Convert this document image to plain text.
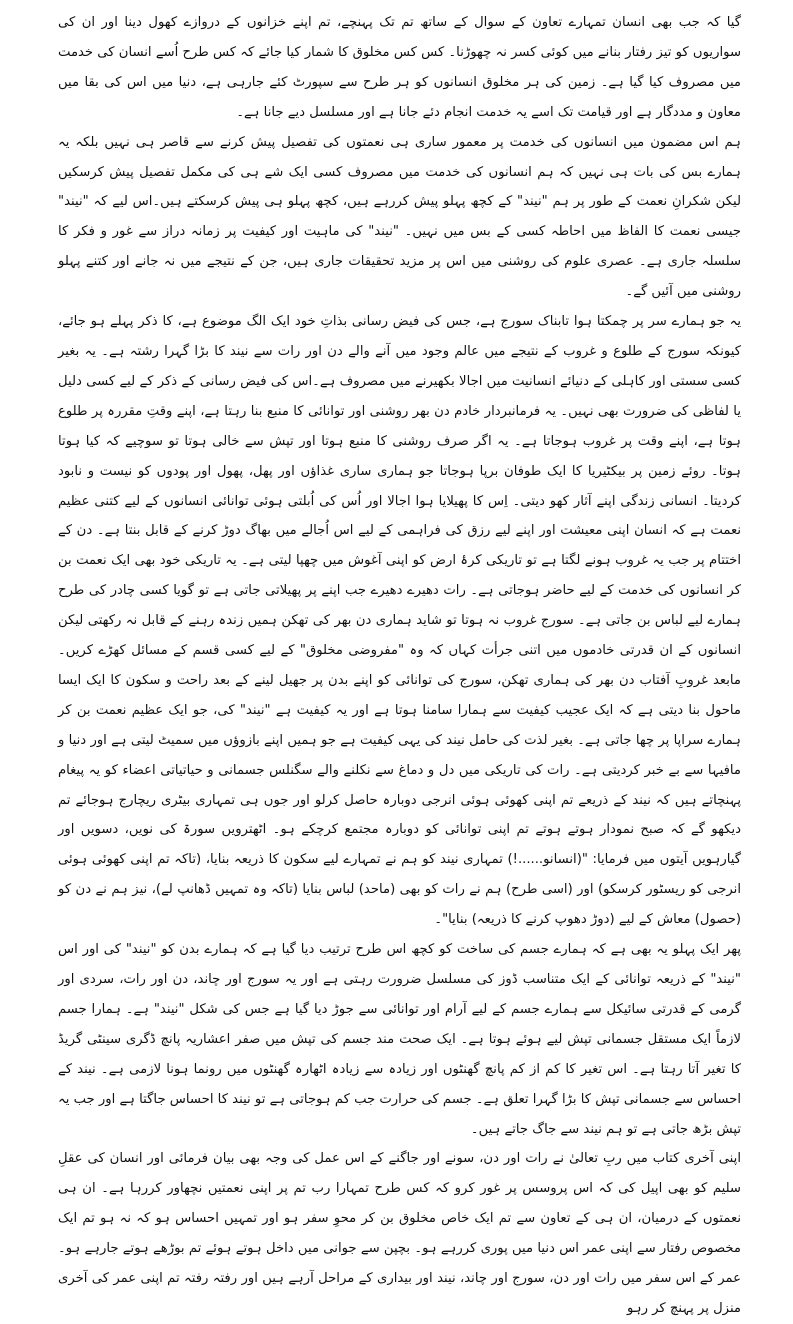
گیا کہ جب بھی انسان تمہارے تعاون کے سوال کے ساتھ تم تک پہنچے، تم اپنے خزانوں کے دروازے کھول دینا اور ان کی سواریوں کو تیز رفتار بنانے میں کوئی کسر نہ چھوڑنا۔ کس کس مخلوق کا شمار کیا جائے کہ کس طرح اُسے انسان کی خدمت میں مصروف کیا گیا ہے۔ زمین کی ہر مخلوق انسانوں کو ہر طرح سے سپورٹ کئے جارہی ہے، دنیا میں اس کی بقا میں معاون و مددگار ہے اور قیامت تک اسے یہ خدمت انجام دئے جانا ہے اور مسلسل دیے جانا ہے۔

ہم اس مضمون میں انسانوں کی خدمت پر معمور ساری ہی نعمتوں کی تفصیل پیش کرنے سے قاصر ہی نہیں بلکہ یہ ہمارے بس کی بات ہی نہیں کہ ہم انسانوں کی خدمت میں مصروف کسی ایک شے ہی کی مکمل تفصیل پیش کرسکیں لیکن شکرانِ نعمت کے طور پر ہم "نیند" کے کچھ پہلو پیش کررہے ہیں، کچھ پہلو ہی پیش کرسکتے ہیں۔اس لیے کہ "نیند" جیسی نعمت کا الفاظ میں احاطہ کسی کے بس میں نہیں۔ "نیند" کی ماہیت اور کیفیت پر زمانہ دراز سے غور و فکر کا سلسلہ جاری ہے۔ عصری علوم کی روشنی میں اس پر مزید تحقیقات جاری ہیں، جن کے نتیجے میں نہ جانے اور کتنے پہلو روشنی میں آئیں گے۔

یہ جو ہمارے سر پر چمکتا ہوا تابناک سورج ہے، جس کی فیض رسانی بذاتِ خود ایک الگ موضوع ہے، کا ذکر پہلے ہو جائے، کیونکہ سورج کے طلوع و غروب کے نتیجے میں عالم وجود میں آنے والے دن اور رات سے نیند کا بڑا گہرا رشتہ ہے۔ یہ بغیر کسی سستی اور کاہلی کے دنیائے انسانیت میں اجالا بکھیرنے میں مصروف ہے۔اس کی فیض رسانی کے ذکر کے لیے کسی دلیل یا لفاظی کی ضرورت بھی نہیں۔ یہ فرمانبردار خادم دن بھر روشنی اور توانائی کا منبع بنا رہتا ہے، اپنے وقتِ مقررہ پر طلوع ہوتا ہے، اپنے وقت پر غروب ہوجاتا ہے۔ یہ اگر صرف روشنی کا منبع ہوتا اور تپش سے خالی ہوتا تو سوچیے کہ کیا ہوتا ہوتا۔ روئے زمین پر بیکٹیریا کا ایک طوفان برپا ہوجاتا جو ہماری ساری غذاؤں اور پھل، پھول اور پودوں کو نیست و نابود کردیتا۔ انسانی زندگی اپنے آثار کھو دیتی۔ اِس کا پھیلایا ہوا اجالا اور اُس کی اُبلتی ہوئی توانائی انسانوں کے لیے کتنی عظیم نعمت ہے کہ انسان اپنی معیشت اور اپنے لیے رزق کی فراہمی کے لیے اس اُجالے میں بھاگ دوڑ کرنے کے قابل بنتا ہے۔ دن کے اختتام پر جب یہ غروب ہونے لگتا ہے تو تاریکی کرۂ ارض کو اپنی آغوش میں چھپا لیتی ہے۔ یہ تاریکی خود بھی ایک نعمت بن کر انسانوں کی خدمت کے لیے حاضر ہوجاتی ہے۔ رات دھیرے دھیرے جب اپنے پر پھیلاتی جاتی ہے تو گویا کسی چادر کی طرح ہمارے لیے لباس بن جاتی ہے۔ سورج غروب نہ ہوتا تو شاید ہماری دن بھر کی تھکن ہمیں زندہ رہنے کے قابل نہ رکھتی لیکن انسانوں کے ان قدرتی خادموں میں اتنی جرأت کہاں کہ وہ "مفروضی مخلوق" کے لیے کسی قسم کے مسائل کھڑے کریں۔ مابعد غروبِ آفتاب دن بھر کی ہماری تھکن، سورج کی توانائی کو اپنے بدن پر جھیل لینے کے بعد راحت و سکون کا ایک ایسا ماحول بنا دیتی ہے کہ ایک عجیب کیفیت سے ہمارا سامنا ہوتا ہے اور یہ کیفیت ہے "نیند" کی، جو ایک عظیم نعمت بن کر ہمارے سراپا پر چھا جاتی ہے۔ بغیر لذت کی حامل نیند کی یہی کیفیت ہے جو ہمیں اپنے بازوؤں میں سمیٹ لیتی ہے اور دنیا و مافیہا سے بے خبر کردیتی ہے۔ رات کی تاریکی میں دل و دماغ سے نکلنے والے سگنلس جسمانی و حیاتیاتی اعضاء کو یہ پیغام پہنچاتے ہیں کہ نیند کے ذریعے تم اپنی کھوئی ہوئی انرجی دوبارہ حاصل کرلو اور جوں ہی تمہاری بیٹری ریچارج ہوجائے تم دیکھو گے کہ صبح نمودار ہوتے ہوتے تم اپنی توانائی کو دوبارہ مجتمع کرچکے ہو۔ اٹھترویں سورۃ کی نویں، دسویں اور گیارہویں آیتوں میں فرمایا: "(انسانو......!) تمہاری نیند کو ہم نے تمہارے لیے سکون کا ذریعہ بنایا، (تاکہ تم اپنی کھوئی ہوئی انرجی کو ریسٹور کرسکو) اور (اسی طرح) ہم نے رات کو بھی (ماحد) لباس بنایا (تاکہ وہ تمہیں ڈھانپ لے)، نیز ہم نے دن کو (حصول) معاش کے لیے (دوڑ دھوپ کرنے کا ذریعہ) بنایا"۔

پھر ایک پہلو یہ بھی ہے کہ ہمارے جسم کی ساخت کو کچھ اس طرح ترتیب دیا گیا ہے کہ ہمارے بدن کو "نیند" کی اور اس "نیند" کے ذریعہ توانائی کے ایک متناسب ڈوز کی مسلسل ضرورت رہتی ہے اور یہ سورج اور چاند، دن اور رات، سردی اور گرمی کے قدرتی سائیکل سے ہمارے جسم کے لیے آرام اور توانائی سے جوڑ دیا گیا ہے جس کی شکل "نیند" ہے۔ ہمارا جسم لازماً ایک مستقل جسمانی تپش لیے ہوئے ہوتا ہے۔ ایک صحت مند جسم کی تپش میں صفر اعشاریہ پانچ ڈگری سینٹی گریڈ کا تغیر آتا رہتا ہے۔ اس تغیر کا کم از کم پانچ گھنٹوں اور زیادہ سے زیادہ اٹھارہ گھنٹوں میں رونما ہونا لازمی ہے۔ نیند کے احساس سے جسمانی تپش کا بڑا گہرا تعلق ہے۔ جسم کی حرارت جب کم ہوجاتی ہے تو نیند کا احساس جاگتا ہے اور جب یہ تپش بڑھ جاتی ہے تو ہم نیند سے جاگ جاتے ہیں۔

اپنی آخری کتاب میں ربِ تعالیٰ نے رات اور دن، سونے اور جاگنے کے اس عمل کی وجہ بھی بیان فرمائی اور انسان کی عقلِ سلیم کو بھی اپیل کی کہ اس پروسس پر غور کرو کہ کس طرح تمہارا رب تم پر اپنی نعمتیں نچھاور کررہا ہے۔ ان ہی نعمتوں کے درمیان، ان ہی کے تعاون سے تم ایک خاص مخلوق بن کر محوِ سفر ہو اور تمہیں احساس ہو کہ نہ ہو تم ایک مخصوص رفتار سے اپنی عمر اس دنیا میں پوری کررہے ہو۔ بچپن سے جوانی میں داخل ہوتے ہوئے تم بوڑھے ہوتے جارہے ہو۔ عمر کے اس سفر میں رات اور دن، سورج اور چاند، نیند اور بیداری کے مراحل آرہے ہیں اور رفتہ رفتہ تم اپنی عمر کی آخری منزل پر پہنچ کر رہو
